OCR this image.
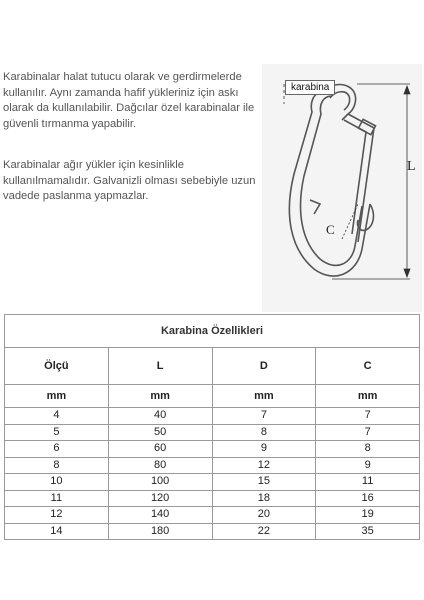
Karabinalar halat tutucu olarak ve gerdirmelerde kullanılır. Aynı zamanda hafif yükleriniz için askı olarak da kullanılabilir. Dağcılar özel karabinalar ile güvenli tırmanma yapabilir.

Karabinalar ağır yükler için kesinlikle kullanılmamalıdır. Galvanizli olması sebebiyle uzun vadede paslanma yapmazlar.

karabina
L
C
Karabina Özellikleri			
Ölçü	L	D	C
mm	mm	mm	mm
4	40	7	7
5	50	8	7
6	60	9	8
8	80	12	9
10	100	15	11
11	120	18	16
12	140	20	19
14	180	22	35
